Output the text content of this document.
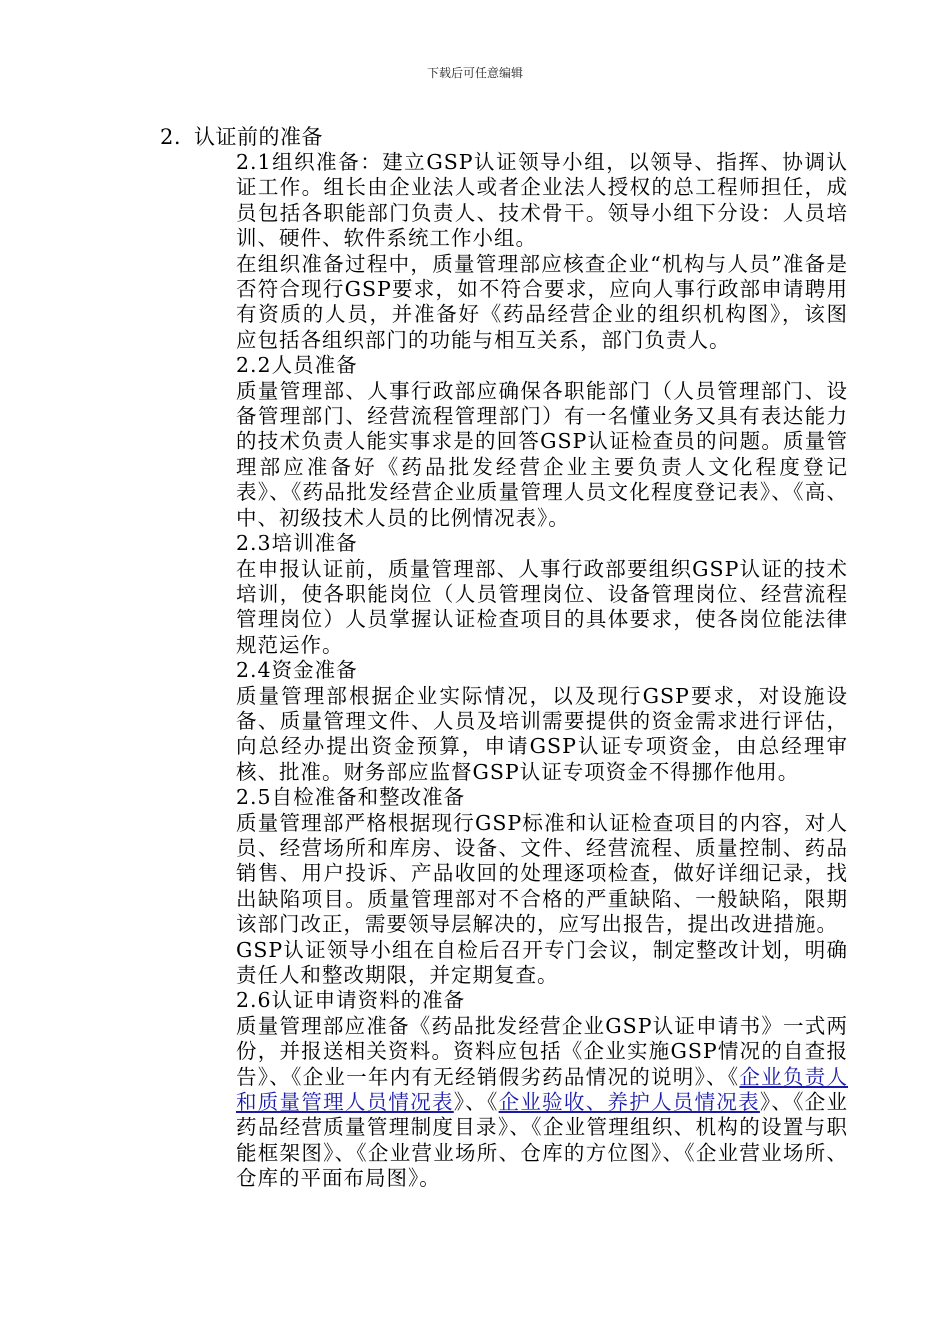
下载后可任意编辑
2. 认证前的准备

2.1组织准备：建立GSP认证领导小组，以领导、指挥、协调认证工作。组长由企业法人或者企业法人授权的总工程师担任，成员包括各职能部门负责人、技术骨干。领导小组下分设：人员培训、硬件、软件系统工作小组。

在组织准备过程中，质量管理部应核查企业“机构与人员”准备是否符合现行GSP要求，如不符合要求，应向人事行政部申请聘用有资质的人员，并准备好《药品经营企业的组织机构图》，该图应包括各组织部门的功能与相互关系，部门负责人。

2.2人员准备

质量管理部、人事行政部应确保各职能部门（人员管理部门、设备管理部门、经营流程管理部门）有一名懂业务又具有表达能力的技术负责人能实事求是的回答GSP认证检查员的问题。质量管理部应准备好《药品批发经营企业主要负责人文化程度登记表》、《药品批发经营企业质量管理人员文化程度登记表》、《高、中、初级技术人员的比例情况表》。

2.3培训准备

在申报认证前，质量管理部、人事行政部要组织GSP认证的技术培训，使各职能岗位（人员管理岗位、设备管理岗位、经营流程管理岗位）人员掌握认证检查项目的具体要求，使各岗位能法律规范运作。

2.4资金准备

质量管理部根据企业实际情况，以及现行GSP要求，对设施设备、质量管理文件、人员及培训需要提供的资金需求进行评估，向总经办提出资金预算，申请GSP认证专项资金，由总经理审核、批准。财务部应监督GSP认证专项资金不得挪作他用。

2.5自检准备和整改准备

质量管理部严格根据现行GSP标准和认证检查项目的内容，对人员、经营场所和库房、设备、文件、经营流程、质量控制、药品销售、用户投诉、产品收回的处理逐项检查，做好详细记录，找出缺陷项目。质量管理部对不合格的严重缺陷、一般缺陷，限期该部门改正，需要领导层解决的，应写出报告，提出改进措施。

GSP认证领导小组在自检后召开专门会议，制定整改计划，明确责任人和整改期限，并定期复查。

2.6认证申请资料的准备

质量管理部应准备《药品批发经营企业GSP认证申请书》一式两份，并报送相关资料。资料应包括《企业实施GSP情况的自查报告》、《企业一年内有无经销假劣药品情况的说明》、《企业负责人和质量管理人员情况表》、《企业验收、养护人员情况表》、《企业药品经营质量管理制度目录》、《企业管理组织、机构的设置与职能框架图》、《企业营业场所、仓库的方位图》、《企业营业场所、仓库的平面布局图》。
